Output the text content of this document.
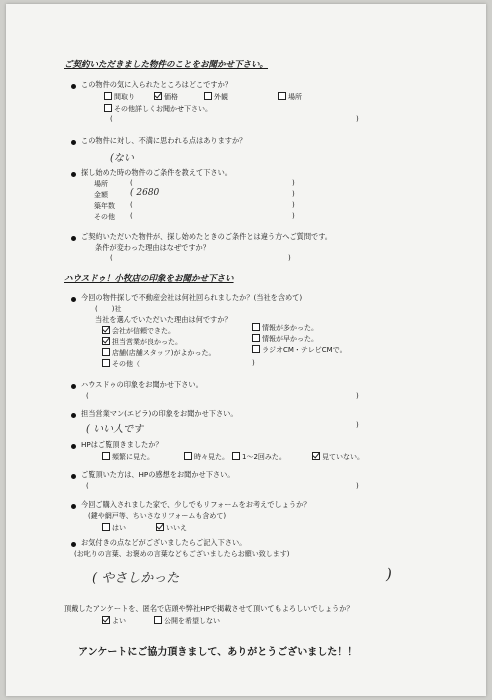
ご契約いただきました物件のことをお聞かせ下さい。
この物件の気に入られたところはどこですか？
間取り	価格	外観	場所
その他詳しくお聞かせ下さい。
(	)
この物件に対し、不満に思われる点はありますか？
(ない
探し始めた時の物件のご条件を教えて下さい。
場所	(	)
金額 ( 2680	)
築年数 (	)
その他 (	)
ご契約いただいた物件が、探し始めたときのご条件とは違う方へご質問です。
条件が変わった理由はなぜですか？
(	)
ハウスドゥ！小牧店の印象をお聞かせ下さい
今回の物件探しで不動産会社は何社回られましたか？(当社を含めて)
(　　)社
当社を選んでいただいた理由は何ですか？
会社が信頼できた。
担当営業が良かった。
店舗(店舗スタッフ)がよかった。
その他（	)
情報が多かった。
情報が早かった。
ラジオCM・テレビCMで。
ハウスドゥの印象をお聞かせ下さい。
(	)
担当営業マン(エビラ)の印象をお聞かせ下さい。
( いい人です	)
HPはご覧頂きましたか？
頻繁に見た。	時々見た。	1～2回みた。	見ていない。
ご覧頂いた方は、HPの感想をお聞かせ下さい。
(	)
今回ご購入されました家で、少しでもリフォームをお考えでしょうか？
(鍵や網戸等、ちいさなリフォームも含めて)
はい	いいえ
お気付きの点などがございましたらご記入下さい。
(お叱りの言葉、お褒めの言葉などもございましたらお願い致します)
( やさしかった	)
頂戴したアンケートを、匿名で店頭や弊社HPで掲載させて頂いてもよろしいでしょうか？
よい	公開を希望しない
アンケートにご協力頂きまして、ありがとうございました！！
